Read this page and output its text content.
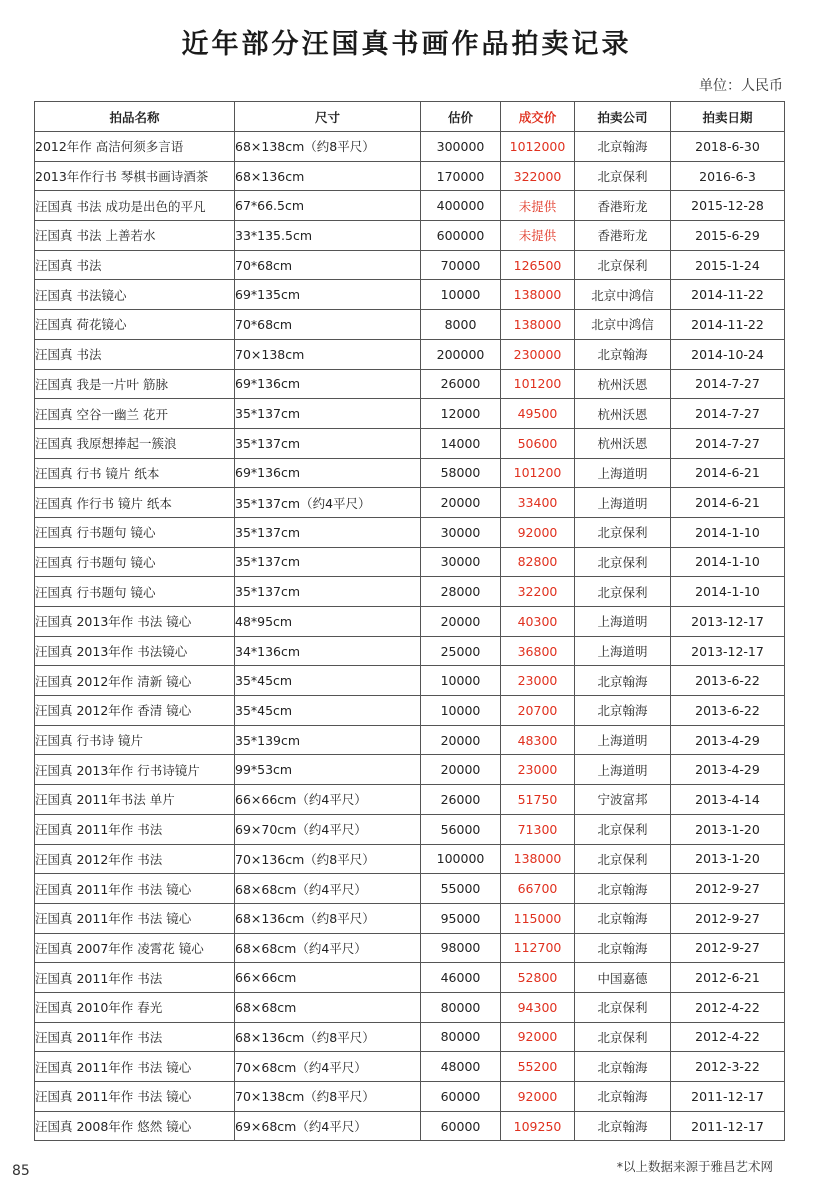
近年部分汪国真书画作品拍卖记录
单位：人民币
拍品名称	尺寸	估价	成交价	拍卖公司	拍卖日期
2012年作 高洁何须多言语	68×138cm（约8平尺）	300000	1012000	北京翰海	2018-6-30
2013年作行书 琴棋书画诗酒茶	68×136cm	170000	322000	北京保利	2016-6-3
汪国真 书法 成功是出色的平凡	67*66.5cm	400000	未提供	香港珩龙	2015-12-28
汪国真 书法 上善若水	33*135.5cm	600000	未提供	香港珩龙	2015-6-29
汪国真 书法	70*68cm	70000	126500	北京保利	2015-1-24
汪国真 书法镜心	69*135cm	10000	138000	北京中鸿信	2014-11-22
汪国真 荷花镜心	70*68cm	8000	138000	北京中鸿信	2014-11-22
汪国真 书法	70×138cm	200000	230000	北京翰海	2014-10-24
汪国真 我是一片叶 筋脉	69*136cm	26000	101200	杭州沃恩	2014-7-27
汪国真 空谷一幽兰 花开	35*137cm	12000	49500	杭州沃恩	2014-7-27
汪国真 我原想捧起一簇浪	35*137cm	14000	50600	杭州沃恩	2014-7-27
汪国真 行书 镜片 纸本	69*136cm	58000	101200	上海道明	2014-6-21
汪国真 作行书 镜片 纸本	35*137cm（约4平尺）	20000	33400	上海道明	2014-6-21
汪国真 行书题句 镜心	35*137cm	30000	92000	北京保利	2014-1-10
汪国真 行书题句 镜心	35*137cm	30000	82800	北京保利	2014-1-10
汪国真 行书题句 镜心	35*137cm	28000	32200	北京保利	2014-1-10
汪国真 2013年作 书法 镜心	48*95cm	20000	40300	上海道明	2013-12-17
汪国真 2013年作 书法镜心	34*136cm	25000	36800	上海道明	2013-12-17
汪国真 2012年作 清新 镜心	35*45cm	10000	23000	北京翰海	2013-6-22
汪国真 2012年作 香清 镜心	35*45cm	10000	20700	北京翰海	2013-6-22
汪国真 行书诗 镜片	35*139cm	20000	48300	上海道明	2013-4-29
汪国真 2013年作 行书诗镜片	99*53cm	20000	23000	上海道明	2013-4-29
汪国真 2011年书法 单片	66×66cm（约4平尺）	26000	51750	宁波富邦	2013-4-14
汪国真 2011年作 书法	69×70cm（约4平尺）	56000	71300	北京保利	2013-1-20
汪国真 2012年作 书法	70×136cm（约8平尺）	100000	138000	北京保利	2013-1-20
汪国真 2011年作 书法 镜心	68×68cm（约4平尺）	55000	66700	北京翰海	2012-9-27
汪国真 2011年作 书法 镜心	68×136cm（约8平尺）	95000	115000	北京翰海	2012-9-27
汪国真 2007年作 凌霄花 镜心	68×68cm（约4平尺）	98000	112700	北京翰海	2012-9-27
汪国真 2011年作 书法	66×66cm	46000	52800	中国嘉德	2012-6-21
汪国真 2010年作 春光	68×68cm	80000	94300	北京保利	2012-4-22
汪国真 2011年作 书法	68×136cm（约8平尺）	80000	92000	北京保利	2012-4-22
汪国真 2011年作 书法 镜心	70×68cm（约4平尺）	48000	55200	北京翰海	2012-3-22
汪国真 2011年作 书法 镜心	70×138cm（约8平尺）	60000	92000	北京翰海	2011-12-17
汪国真 2008年作 悠然 镜心	69×68cm（约4平尺）	60000	109250	北京翰海	2011-12-17
85	*以上数据来源于雅昌艺术网
